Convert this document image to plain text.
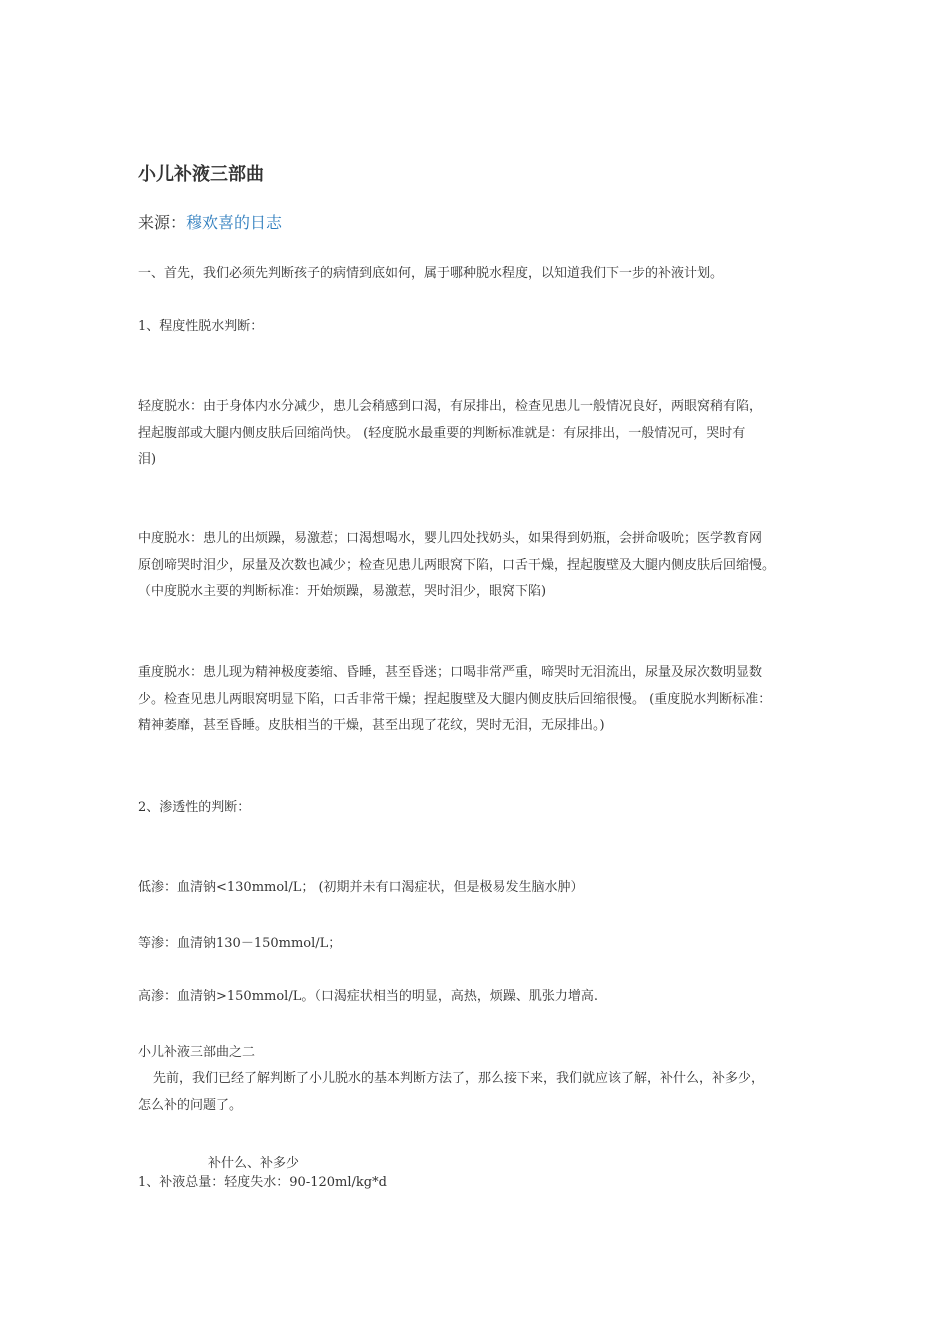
小儿补液三部曲
来源：穆欢喜的日志

一、首先，我们必须先判断孩子的病情到底如何，属于哪种脱水程度，以知道我们下一步的补液计划。

1、程度性脱水判断：

轻度脱水：由于身体内水分减少，患儿会稍感到口渴，有尿排出，检查见患儿一般情况良好，两眼窝稍有陷，
捏起腹部或大腿内侧皮肤后回缩尚快。 (轻度脱水最重要的判断标准就是：有尿排出，一般情况可，哭时有
泪)
中度脱水：患儿的出烦躁，易激惹；口渴想喝水，婴儿四处找奶头，如果得到奶瓶，会拼命吸吮；医学教育网
原创啼哭时泪少，尿量及次数也减少；检查见患儿两眼窝下陷，口舌干燥，捏起腹壁及大腿内侧皮肤后回缩慢。
（中度脱水主要的判断标准：开始烦躁，易激惹，哭时泪少，眼窝下陷)
重度脱水：患儿现为精神极度萎缩、昏睡，甚至昏迷；口喝非常严重，啼哭时无泪流出，尿量及尿次数明显数
少。检查见患儿两眼窝明显下陷，口舌非常干燥；捏起腹壁及大腿内侧皮肤后回缩很慢。 (重度脱水判断标准：
精神萎靡，甚至昏睡。皮肤相当的干燥，甚至出现了花纹，哭时无泪，无尿排出。)

2、渗透性的判断：

低渗：血清钠<130mmol/L； (初期并未有口渴症状，但是极易发生脑水肿）

等渗：血清钠130－150mmol/L；

高渗：血清钠>150mmol/L。（口渴症状相当的明显，高热，烦躁、肌张力增高.

小儿补液三部曲之二

先前，我们已经了解判断了小儿脱水的基本判断方法了，那么接下来，我们就应该了解，补什么，补多少，
怎么补的问题了。

补什么、补多少

1、补液总量：轻度失水：90-120ml/kg*d
